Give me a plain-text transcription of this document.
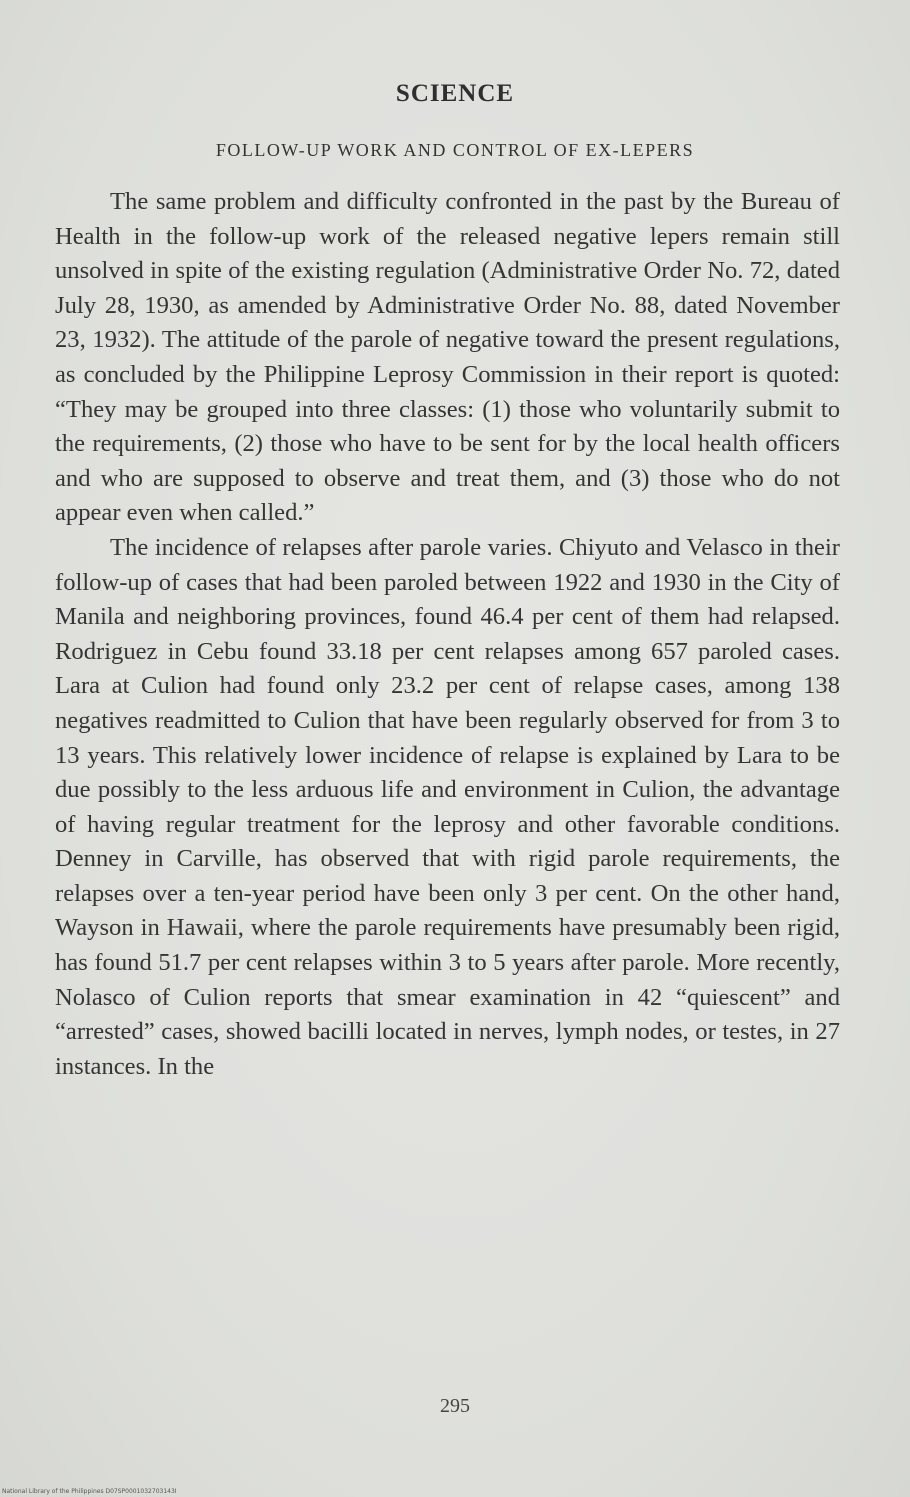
SCIENCE
FOLLOW-UP WORK AND CONTROL OF EX-LEPERS

The same problem and difficulty confronted in the past by the Bureau of Health in the follow-up work of the released negative lepers remain still unsolved in spite of the existing regulation (Administrative Order No. 72, dated July 28, 1930, as amended by Administrative Order No. 88, dated November 23, 1932). The attitude of the parole of negative toward the present regulations, as concluded by the Philippine Leprosy Commission in their report is quoted: “They may be grouped into three classes: (1) those who voluntarily submit to the requirements, (2) those who have to be sent for by the local health officers and who are supposed to observe and treat them, and (3) those who do not appear even when called.”

The incidence of relapses after parole varies. Chiyuto and Velasco in their follow-up of cases that had been paroled between 1922 and 1930 in the City of Manila and neighboring provinces, found 46.4 per cent of them had relapsed. Rodriguez in Cebu found 33.18 per cent relapses among 657 paroled cases. Lara at Culion had found only 23.2 per cent of relapse cases, among 138 negatives readmitted to Culion that have been regularly observed for from 3 to 13 years. This relatively lower incidence of relapse is explained by Lara to be due possibly to the less arduous life and environment in Culion, the advantage of having regular treatment for the leprosy and other favorable conditions. Denney in Carville, has observed that with rigid parole requirements, the relapses over a ten-year period have been only 3 per cent. On the other hand, Wayson in Hawaii, where the parole requirements have presumably been rigid, has found 51.7 per cent relapses within 3 to 5 years after parole. More recently, Nolasco of Culion reports that smear examination in 42 “quiescent” and “arrested” cases, showed bacilli located in nerves, lymph nodes, or testes, in 27 instances. In the

295
National Library of the Philippines D07SP0001032703143I
